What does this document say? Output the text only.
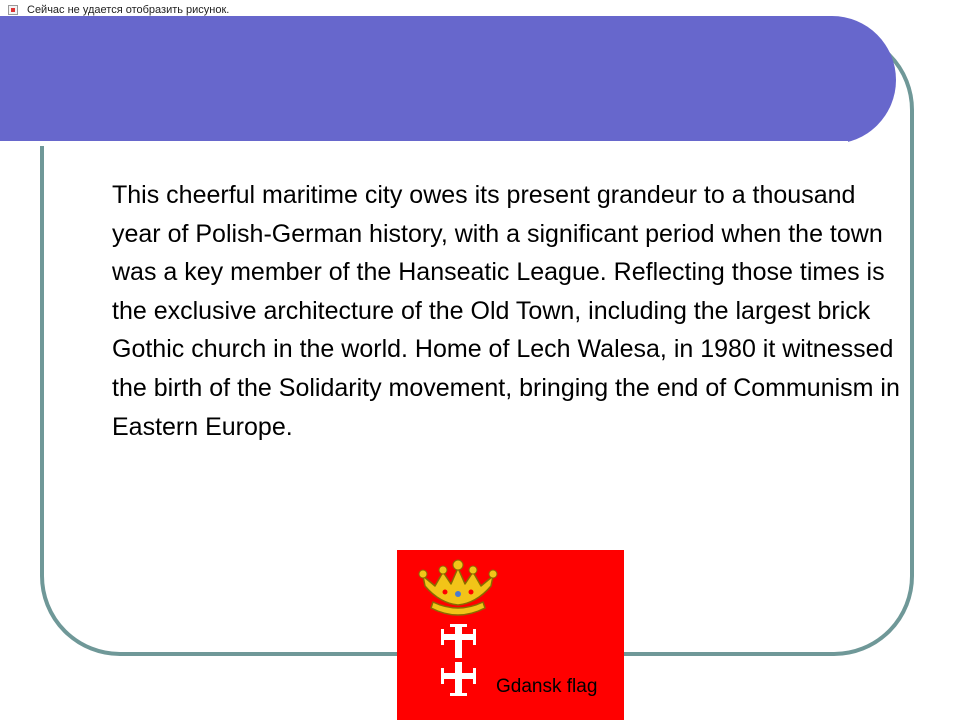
Сейчас не удается отобразить рисунок.

This cheerful maritime city owes its present grandeur to a thousand year of Polish-German history, with a significant period when the town was a key member of the Hanseatic League. Reflecting those times is the exclusive architecture of the Old Town, including the largest brick Gothic church in the world. Home of Lech Walesa, in 1980 it witnessed the birth of the Solidarity movement, bringing the end of Communism in Eastern Europe.

Gdansk flag
